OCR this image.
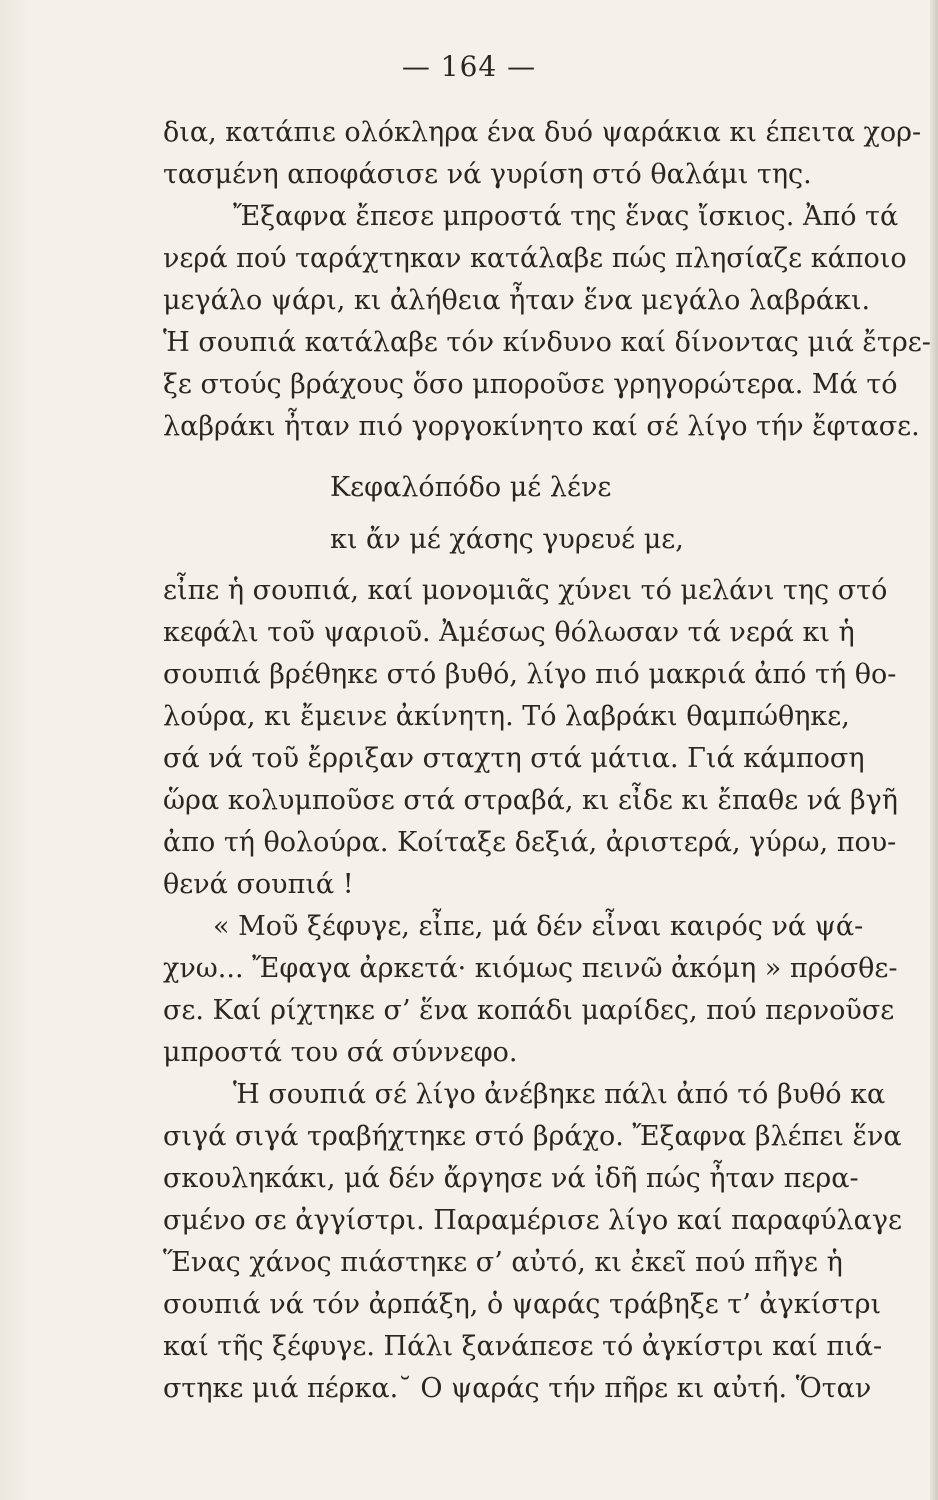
— 164 —
δια, κατάπιε ολόκληρα ένα δυό ψαράκια κι έπειτα χορ-
τασμένη αποφάσισε νά γυρίση στό θαλάμι της.
Ἔξαφνα ἔπεσε μπροστά της ἕνας ἴσκιος. Ἀπό τά
νερά πού ταράχτηκαν κατάλαβε πώς πλησίαζε κάποιο
μεγάλο ψάρι, κι ἀλήθεια ἦταν ἕνα μεγάλο λαβράκι.
Ἡ σουπιά κατάλαβε τόν κίνδυνο καί δίνοντας μιά ἔτρε-
ξε στούς βράχους ὅσο μποροῦσε γρηγορώτερα. Μά τό
λαβράκι ἦταν πιό γοργοκίνητο καί σέ λίγο τήν ἔφτασε.
Κεφαλόπόδο μέ λένε
κι ἄν μέ χάσης γυρευέ με,
εἶπε ἡ σουπιά, καί μονομιᾶς χύνει τό μελάνι της στό
κεφάλι τοῦ ψαριοῦ. Ἀμέσως θόλωσαν τά νερά κι ἡ
σουπιά βρέθηκε στό βυθό, λίγο πιό μακριά ἀπό τή θο-
λούρα, κι ἔμεινε ἀκίνητη. Τό λαβράκι θαμπώθηκε,
σά νά τοῦ ἔρριξαν σταχτη στά μάτια. Γιά κάμποση
ὥρα κολυμποῦσε στά στραβά, κι εἶδε κι ἔπαθε νά βγῆ
ἀπο τή θολούρα. Κοίταξε δεξιά, ἀριστερά, γύρω, που-
θενά σουπιά !
« Μοῦ ξέφυγε, εἶπε, μά δέν εἶναι καιρός νά ψά-
χνω... Ἔφαγα ἀρκετά· κιόμως πεινῶ ἀκόμη » πρόσθε-
σε. Καί ρίχτηκε σ’ ἕνα κοπάδι μαρίδες, πού περνοῦσε
μπροστά του σά σύννεφο.
Ἡ σουπιά σέ λίγο ἀνέβηκε πάλι ἀπό τό βυθό κα
σιγά σιγά τραβήχτηκε στό βράχο. Ἔξαφνα βλέπει ἕνα
σκουληκάκι, μά δέν ἄργησε νά ἰδῆ πώς ἦταν περα-
σμένο σε ἀγγίστρι. Παραμέρισε λίγο καί παραφύλαγε
Ἕνας χάνος πιάστηκε σ’ αὐτό, κι ἐκεῖ πού πῆγε ἡ
σουπιά νά τόν ἀρπάξη, ὁ ψαράς τράβηξε τ’ ἀγκίστρι
καί τῆς ξέφυγε. Πάλι ξανάπεσε τό ἀγκίστρι καί πιά-
στηκε μιά πέρκα.˘ Ο ψαράς τήν πῆρε κι αὐτή. Ὅταν
